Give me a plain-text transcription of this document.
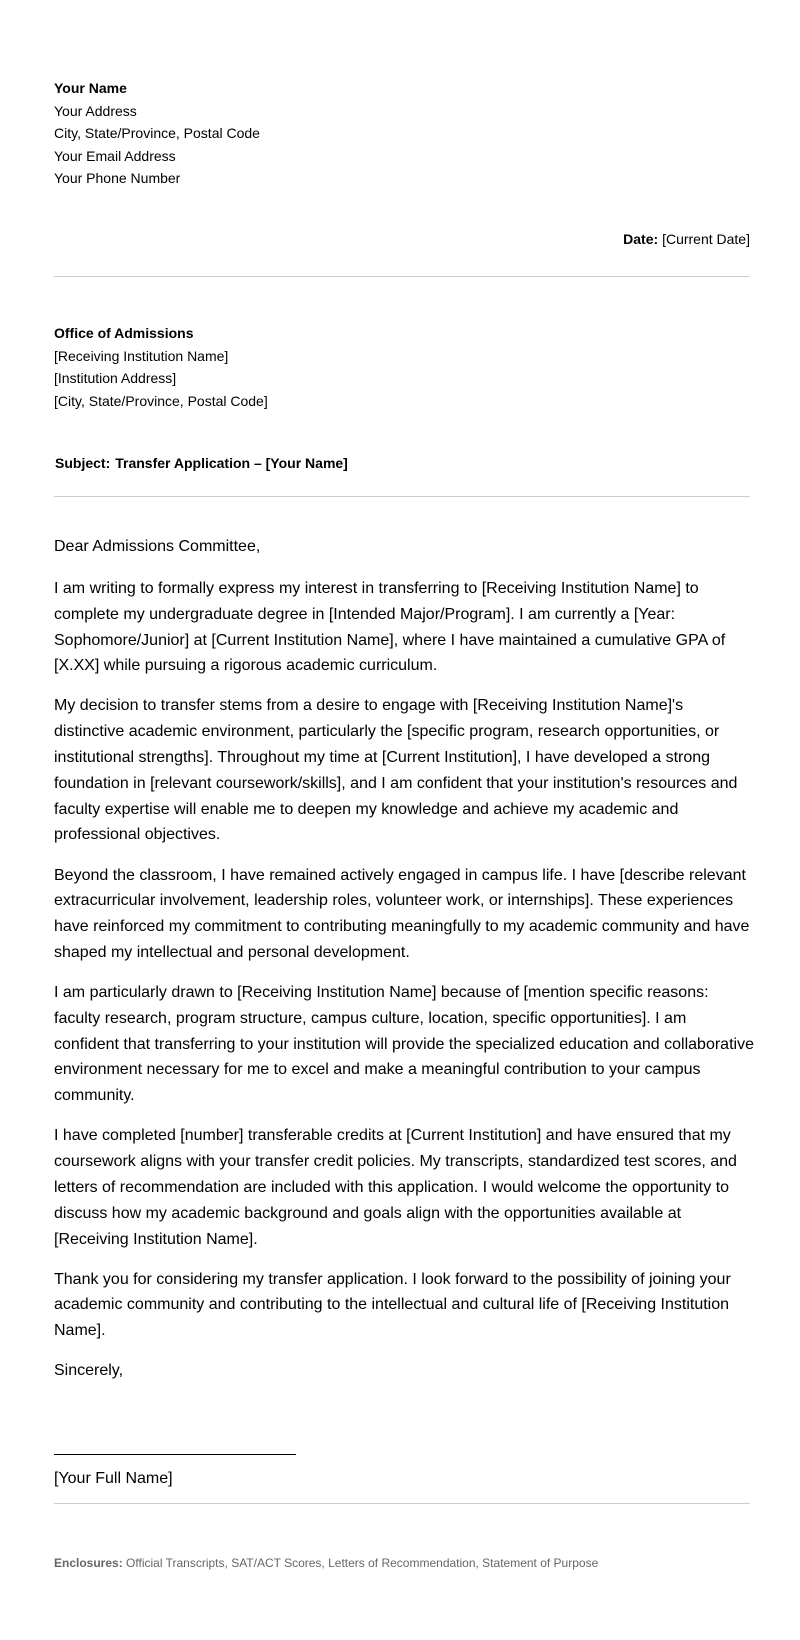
Your Name
Your Address
City, State/Province, Postal Code
Your Email Address
Your Phone Number
Date: [Current Date]
Office of Admissions
[Receiving Institution Name]
[Institution Address]
[City, State/Province, Postal Code]
Subject: Transfer Application – [Your Name]
Dear Admissions Committee,

I am writing to formally express my interest in transferring to [Receiving Institution Name] to complete my undergraduate degree in [Intended Major/Program]. I am currently a [Year: Sophomore/Junior] at [Current Institution Name], where I have maintained a cumulative GPA of [X.XX] while pursuing a rigorous academic curriculum.

My decision to transfer stems from a desire to engage with [Receiving Institution Name]'s distinctive academic environment, particularly the [specific program, research opportunities, or institutional strengths]. Throughout my time at [Current Institution], I have developed a strong foundation in [relevant coursework/skills], and I am confident that your institution's resources and faculty expertise will enable me to deepen my knowledge and achieve my academic and professional objectives.

Beyond the classroom, I have remained actively engaged in campus life. I have [describe relevant extracurricular involvement, leadership roles, volunteer work, or internships]. These experiences have reinforced my commitment to contributing meaningfully to my academic community and have shaped my intellectual and personal development.

I am particularly drawn to [Receiving Institution Name] because of [mention specific reasons: faculty research, program structure, campus culture, location, specific opportunities]. I am confident that transferring to your institution will provide the specialized education and collaborative environment necessary for me to excel and make a meaningful contribution to your campus community.

I have completed [number] transferable credits at [Current Institution] and have ensured that my coursework aligns with your transfer credit policies. My transcripts, standardized test scores, and letters of recommendation are included with this application. I would welcome the opportunity to discuss how my academic background and goals align with the opportunities available at [Receiving Institution Name].

Thank you for considering my transfer application. I look forward to the possibility of joining your academic community and contributing to the intellectual and cultural life of [Receiving Institution Name].

Sincerely,
[Your Full Name]
Enclosures: Official Transcripts, SAT/ACT Scores, Letters of Recommendation, Statement of Purpose
